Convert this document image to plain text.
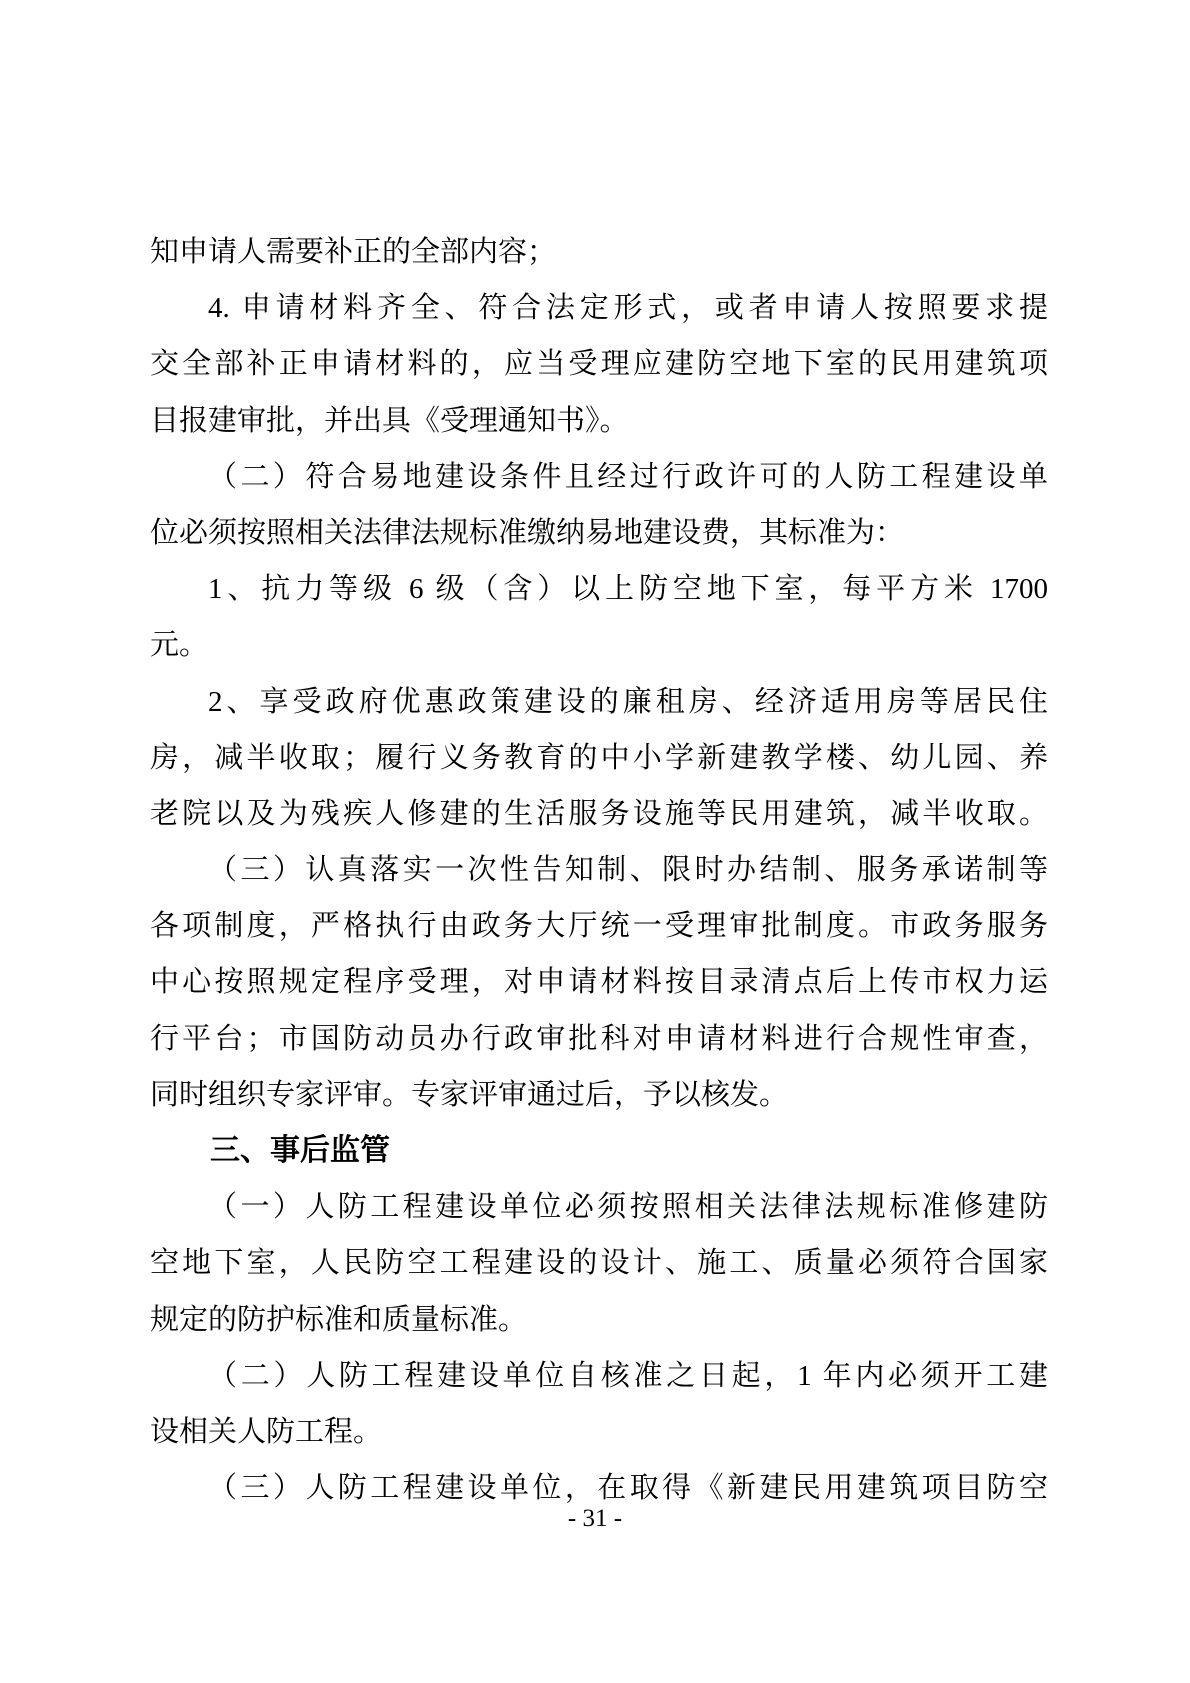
知申请人需要补正的全部内容；
4. 申请材料齐全、符合法定形式，或者申请人按照要求提
交全部补正申请材料的，应当受理应建防空地下室的民用建筑项
目报建审批，并出具《受理通知书》。
（二）符合易地建设条件且经过行政许可的人防工程建设单
位必须按照相关法律法规标准缴纳易地建设费，其标准为：
1、抗力等级 6 级（含）以上防空地下室，每平方米 1700
元。
2、享受政府优惠政策建设的廉租房、经济适用房等居民住
房，减半收取；履行义务教育的中小学新建教学楼、幼儿园、养
老院以及为残疾人修建的生活服务设施等民用建筑，减半收取。
（三）认真落实一次性告知制、限时办结制、服务承诺制等
各项制度，严格执行由政务大厅统一受理审批制度。市政务服务
中心按照规定程序受理，对申请材料按目录清点后上传市权力运
行平台；市国防动员办行政审批科对申请材料进行合规性审查，
同时组织专家评审。专家评审通过后，予以核发。
三、事后监管
（一）人防工程建设单位必须按照相关法律法规标准修建防
空地下室，人民防空工程建设的设计、施工、质量必须符合国家
规定的防护标准和质量标准。
（二）人防工程建设单位自核准之日起，1 年内必须开工建
设相关人防工程。
（三）人防工程建设单位，在取得《新建民用建筑项目防空
- 31 -
